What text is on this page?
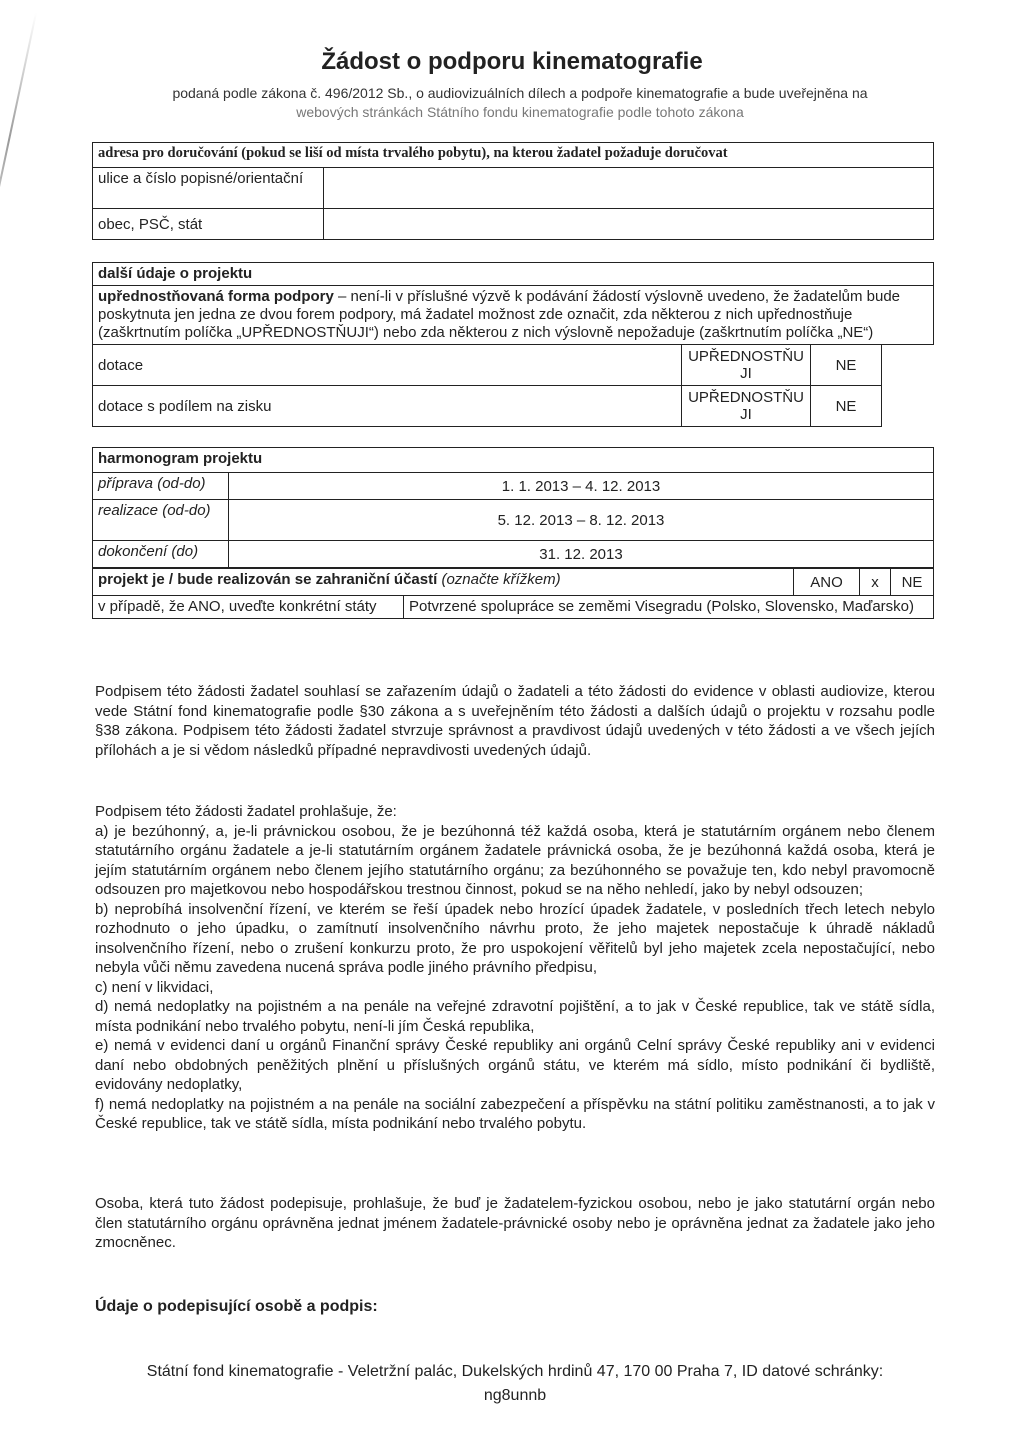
Žádost o podporu kinematografie
podaná podle zákona č. 496/2012 Sb., o audiovizuálních dílech a podpoře kinematografie a bude uveřejněna na
webových stránkách Státního fondu kinematografie podle tohoto zákona
adresa pro doručování (pokud se liší od místa trvalého pobytu), na kterou žadatel požaduje doručovat	
ulice a číslo popisné/orientační	
obec, PSČ, stát	
další údaje o projektu			
upřednostňovaná forma podpory – není-li v příslušné výzvě k podávání žádostí výslovně uvedeno, že žadatelům bude poskytnuta jen jedna ze dvou forem podpory, má žadatel možnost zde označit, zda některou z nich upřednostňuje (zaškrtnutím políčka „UPŘEDNOSTŇUJI“) nebo zda některou z nich výslovně nepožaduje (zaškrtnutím políčka „NE“)			
dotace	UPŘEDNOSTŇUJI	NE	
dotace s podílem na zisku	UPŘEDNOSTŇUJI	NE	
harmonogram projektu	
příprava (od-do)	1. 1. 2013 – 4. 12. 2013
realizace (od-do)	5. 12. 2013 – 8. 12. 2013
dokončení (do)	31. 12. 2013
projekt je / bude realizován se zahraniční účastí (označte křížkem)		ANO	x	NE
v případě, že ANO, uveďte konkrétní státy	Potvrzené spolupráce se zeměmi Visegradu (Polsko, Slovensko, Maďarsko)			
Podpisem této žádosti žadatel souhlasí se zařazením údajů o žadateli a této žádosti do evidence v oblasti audiovize, kterou vede Státní fond kinematografie podle §30 zákona a s uveřejněním této žádosti a dalších údajů o projektu v rozsahu podle §38 zákona. Podpisem této žádosti žadatel stvrzuje správnost a pravdivost údajů uvedených v této žádosti a ve všech jejích přílohách a je si vědom následků případné nepravdivosti uvedených údajů.

Podpisem této žádosti žadatel prohlašuje, že:

a) je bezúhonný, a, je-li právnickou osobou, že je bezúhonná též každá osoba, která je statutárním orgánem nebo členem statutárního orgánu žadatele a je-li statutárním orgánem žadatele právnická osoba, že je bezúhonná každá osoba, která je jejím statutárním orgánem nebo členem jejího statutárního orgánu; za bezúhonného se považuje ten, kdo nebyl pravomocně odsouzen pro majetkovou nebo hospodářskou trestnou činnost, pokud se na něho nehledí, jako by nebyl odsouzen;

b) neprobíhá insolvenční řízení, ve kterém se řeší úpadek nebo hrozící úpadek žadatele, v posledních třech letech nebylo rozhodnuto o jeho úpadku, o zamítnutí insolvenčního návrhu proto, že jeho majetek nepostačuje k úhradě nákladů insolvenčního řízení, nebo o zrušení konkurzu proto, že pro uspokojení věřitelů byl jeho majetek zcela nepostačující, nebo nebyla vůči němu zavedena nucená správa podle jiného právního předpisu,

c) není v likvidaci,

d) nemá nedoplatky na pojistném a na penále na veřejné zdravotní pojištění, a to jak v České republice, tak ve státě sídla, místa podnikání nebo trvalého pobytu, není-li jím Česká republika,

e) nemá v evidenci daní u orgánů Finanční správy České republiky ani orgánů Celní správy České republiky ani v evidenci daní nebo obdobných peněžitých plnění u příslušných orgánů státu, ve kterém má sídlo, místo podnikání či bydliště, evidovány nedoplatky,

f) nemá nedoplatky na pojistném a na penále na sociální zabezpečení a příspěvku na státní politiku zaměstnanosti, a to jak v České republice, tak ve státě sídla, místa podnikání nebo trvalého pobytu.

Osoba, která tuto žádost podepisuje, prohlašuje, že buď je žadatelem-fyzickou osobou, nebo je jako statutární orgán nebo člen statutárního orgánu oprávněna jednat jménem žadatele-právnické osoby nebo je oprávněna jednat za žadatele jako jeho zmocněnec.
Údaje o podepisující osobě a podpis:
Státní fond kinematografie - Veletržní palác, Dukelských hrdinů 47, 170 00 Praha 7, ID datové schránky:
ng8unnb
